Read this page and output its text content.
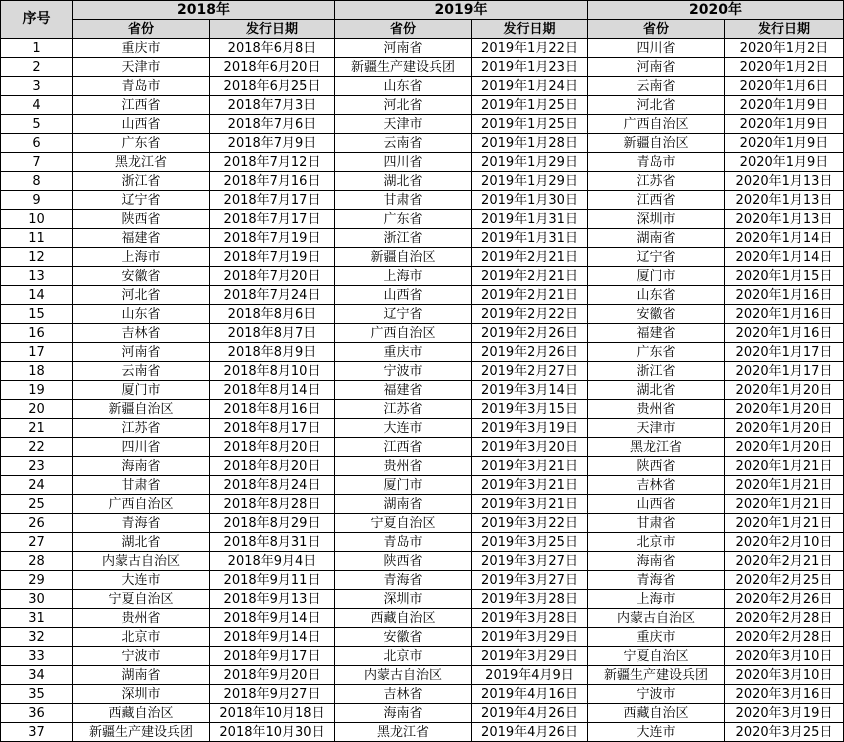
序号	2018年		2019年		2020年	
	省份	发行日期	省份	发行日期	省份	发行日期
1	重庆市	2018年6月8日	河南省	2019年1月22日	四川省	2020年1月2日
2	天津市	2018年6月20日	新疆生产建设兵团	2019年1月23日	河南省	2020年1月2日
3	青岛市	2018年6月25日	山东省	2019年1月24日	云南省	2020年1月6日
4	江西省	2018年7月3日	河北省	2019年1月25日	河北省	2020年1月9日
5	山西省	2018年7月6日	天津市	2019年1月25日	广西自治区	2020年1月9日
6	广东省	2018年7月9日	云南省	2019年1月28日	新疆自治区	2020年1月9日
7	黑龙江省	2018年7月12日	四川省	2019年1月29日	青岛市	2020年1月9日
8	浙江省	2018年7月16日	湖北省	2019年1月29日	江苏省	2020年1月13日
9	辽宁省	2018年7月17日	甘肃省	2019年1月30日	江西省	2020年1月13日
10	陕西省	2018年7月17日	广东省	2019年1月31日	深圳市	2020年1月13日
11	福建省	2018年7月19日	浙江省	2019年1月31日	湖南省	2020年1月14日
12	上海市	2018年7月19日	新疆自治区	2019年2月21日	辽宁省	2020年1月14日
13	安徽省	2018年7月20日	上海市	2019年2月21日	厦门市	2020年1月15日
14	河北省	2018年7月24日	山西省	2019年2月21日	山东省	2020年1月16日
15	山东省	2018年8月6日	辽宁省	2019年2月22日	安徽省	2020年1月16日
16	吉林省	2018年8月7日	广西自治区	2019年2月26日	福建省	2020年1月16日
17	河南省	2018年8月9日	重庆市	2019年2月26日	广东省	2020年1月17日
18	云南省	2018年8月10日	宁波市	2019年2月27日	浙江省	2020年1月17日
19	厦门市	2018年8月14日	福建省	2019年3月14日	湖北省	2020年1月20日
20	新疆自治区	2018年8月16日	江苏省	2019年3月15日	贵州省	2020年1月20日
21	江苏省	2018年8月17日	大连市	2019年3月19日	天津市	2020年1月20日
22	四川省	2018年8月20日	江西省	2019年3月20日	黑龙江省	2020年1月20日
23	海南省	2018年8月20日	贵州省	2019年3月21日	陕西省	2020年1月21日
24	甘肃省	2018年8月24日	厦门市	2019年3月21日	吉林省	2020年1月21日
25	广西自治区	2018年8月28日	湖南省	2019年3月21日	山西省	2020年1月21日
26	青海省	2018年8月29日	宁夏自治区	2019年3月22日	甘肃省	2020年1月21日
27	湖北省	2018年8月31日	青岛市	2019年3月25日	北京市	2020年2月10日
28	内蒙古自治区	2018年9月4日	陕西省	2019年3月27日	海南省	2020年2月21日
29	大连市	2018年9月11日	青海省	2019年3月27日	青海省	2020年2月25日
30	宁夏自治区	2018年9月13日	深圳市	2019年3月28日	上海市	2020年2月26日
31	贵州省	2018年9月14日	西藏自治区	2019年3月28日	内蒙古自治区	2020年2月28日
32	北京市	2018年9月14日	安徽省	2019年3月29日	重庆市	2020年2月28日
33	宁波市	2018年9月17日	北京市	2019年3月29日	宁夏自治区	2020年3月10日
34	湖南省	2018年9月20日	内蒙古自治区	2019年4月9日	新疆生产建设兵团	2020年3月10日
35	深圳市	2018年9月27日	吉林省	2019年4月16日	宁波市	2020年3月16日
36	西藏自治区	2018年10月18日	海南省	2019年4月26日	西藏自治区	2020年3月19日
37	新疆生产建设兵团	2018年10月30日	黑龙江省	2019年4月26日	大连市	2020年3月25日
